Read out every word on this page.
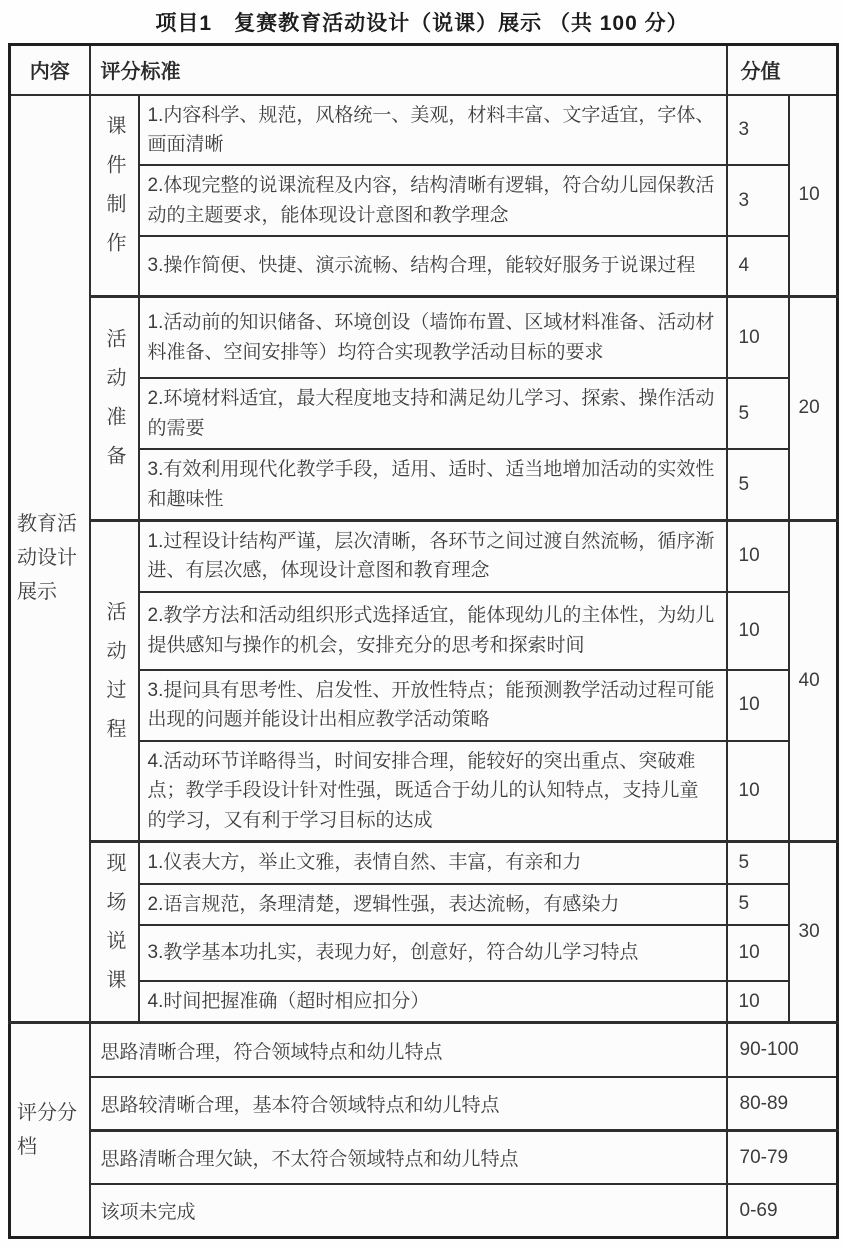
项目1　复赛教育活动设计（说课）展示 （共 100 分）
内容	评分标准		分值	
教育活动设计展示	课件制作	1.内容科学、规范，风格统一、美观，材料丰富、文字适宜，字体、画面清晰	3	10
		2.体现完整的说课流程及内容，结构清晰有逻辑，符合幼儿园保教活动的主题要求，能体现设计意图和教学理念	3	
		3.操作简便、快捷、演示流畅、结构合理，能较好服务于说课过程	4	
	活动准备	1.活动前的知识储备、环境创设（墙饰布置、区域材料准备、活动材料准备、空间安排等）均符合实现教学活动目标的要求	10	20
		2.环境材料适宜，最大程度地支持和满足幼儿学习、探索、操作活动的需要	5	
		3.有效利用现代化教学手段，适用、适时、适当地增加活动的实效性和趣味性	5	
	活动过程	1.过程设计结构严谨，层次清晰，各环节之间过渡自然流畅，循序渐进、有层次感，体现设计意图和教育理念	10	40
		2.教学方法和活动组织形式选择适宜，能体现幼儿的主体性，为幼儿提供感知与操作的机会，安排充分的思考和探索时间	10	
		3.提问具有思考性、启发性、开放性特点；能预测教学活动过程可能出现的问题并能设计出相应教学活动策略	10	
		4.活动环节详略得当，时间安排合理，能较好的突出重点、突破难点；教学手段设计针对性强，既适合于幼儿的认知特点，支持儿童的学习，又有利于学习目标的达成	10	
	现场说课	1.仪表大方，举止文雅，表情自然、丰富，有亲和力	5	30
		2.语言规范，条理清楚，逻辑性强，表达流畅，有感染力	5	
		3.教学基本功扎实，表现力好，创意好，符合幼儿学习特点	10	
		4.时间把握准确（超时相应扣分）	10	
评分分档	思路清晰合理，符合领域特点和幼儿特点		90-100	
	思路较清晰合理，基本符合领域特点和幼儿特点		80-89	
	思路清晰合理欠缺，不太符合领域特点和幼儿特点		70-79	
	该项未完成		0-69	
